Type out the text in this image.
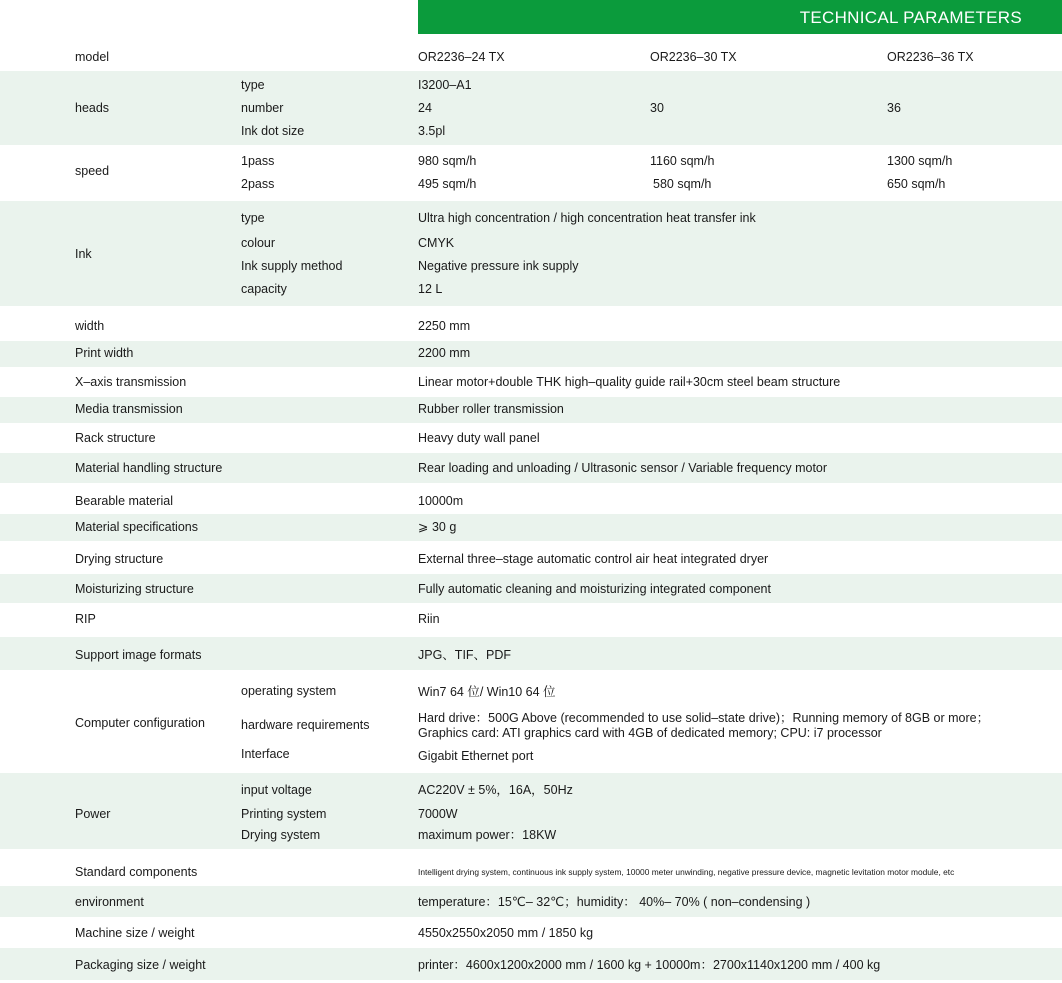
TECHNICAL PARAMETERS
model	OR2236–24 TX	OR2236–30 TX	OR2236–36 TX
heads
type	I3200–A1
number	24	30	36
Ink dot size	3.5pl
speed
1pass	980 sqm/h	1160 sqm/h	1300 sqm/h
2pass	495 sqm/h	580 sqm/h	650 sqm/h
Ink
type	Ultra high concentration / high concentration heat transfer ink
colour	CMYK
Ink supply method	Negative pressure ink supply
capacity	12 L
width	2250 mm
Print width	2200 mm
X–axis transmission	Linear motor+double THK high–quality guide rail+30cm steel beam structure
Media transmission	Rubber roller transmission
Rack structure	Heavy duty wall panel
Material handling structure	Rear loading and unloading / Ultrasonic sensor / Variable frequency motor
Bearable material	10000m
Material specifications	⩾ 30 g
Drying structure	External three–stage automatic control air heat integrated dryer
Moisturizing structure	Fully automatic cleaning and moisturizing integrated component
RIP	Riin
Support image formats	JPG、TIF、PDF
Computer configuration
operating system	Win7 64 位/ Win10 64 位
hardware requirements	Hard drive：500G Above (recommended to use solid–state drive)；Running memory of 8GB or more；
Graphics card: ATI graphics card with 4GB of dedicated memory; CPU: i7 processor
Interface	Gigabit Ethernet port
Power
input voltage	AC220V ± 5%，16A，50Hz
Printing system	7000W
Drying system	maximum power：18KW
Standard components	Intelligent drying system, continuous ink supply system, 10000 meter unwinding, negative pressure device, magnetic levitation motor module, etc
environment	temperature：15℃– 32℃；humidity： 40%– 70% ( non–condensing )
Machine size / weight	4550x2550x2050 mm / 1850 kg
Packaging size / weight	printer：4600x1200x2000 mm / 1600 kg + 10000m：2700x1140x1200 mm / 400 kg
